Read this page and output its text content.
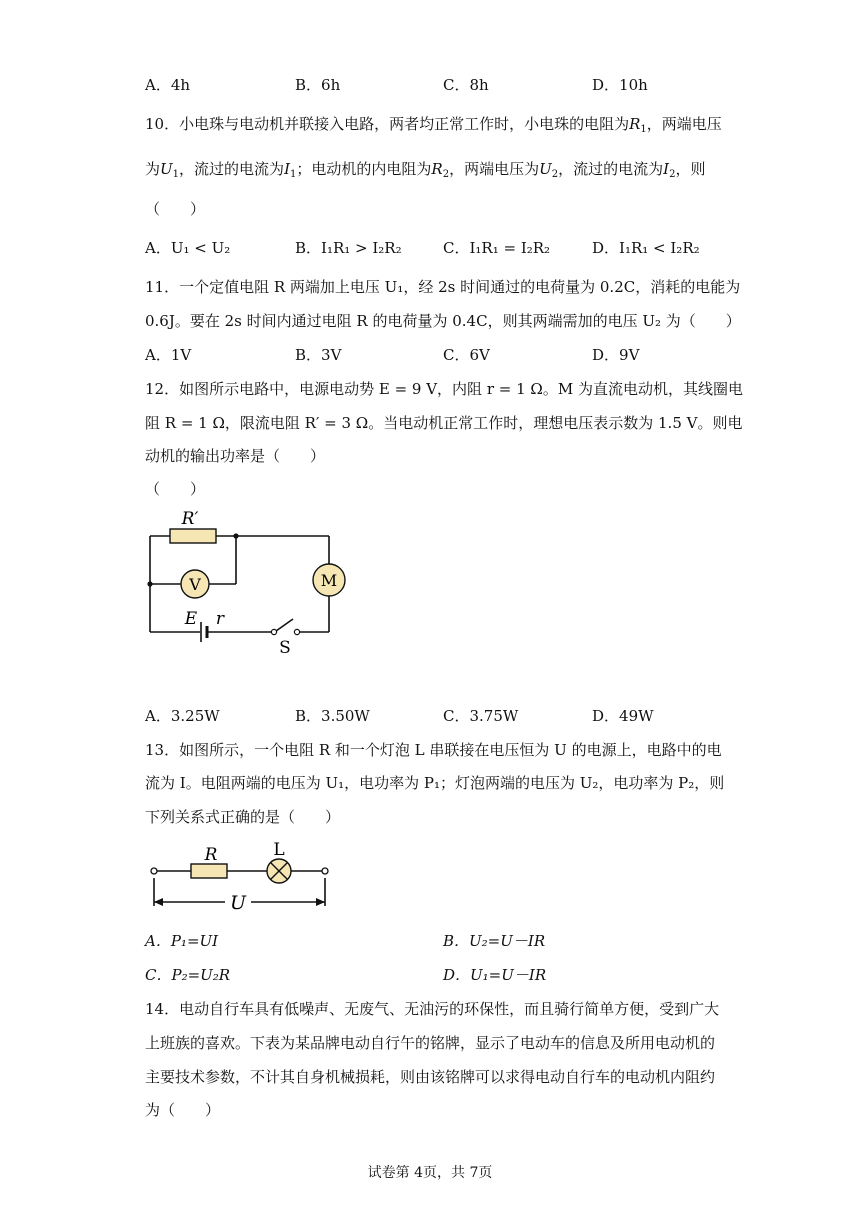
A．4h	B．6h	C．8h	D．10h
10．小电珠与电动机并联接入电路，两者均正常工作时，小电珠的电阻为$R_1$，两端电压
为$U_1$，流过的电流为$I_1$；电动机的内电阻为$R_2$，两端电压为$U_2$，流过的电流为$I_2$，则
（　　）
A．U₁ < U₂	B．I₁R₁ > I₂R₂	C．I₁R₁ = I₂R₂	D．I₁R₁ < I₂R₂
11．一个定值电阻 R 两端加上电压 U₁，经 2s 时间通过的电荷量为 0.2C，消耗的电能为
0.6J。要在 2s 时间内通过电阻 R 的电荷量为 0.4C，则其两端需加的电压 U₂ 为（　　）
A．1V	B．3V	C．6V	D．9V
12．如图所示电路中，电源电动势 E = 9 V，内阻 r = 1 Ω。M 为直流电动机，其线圈电
阻 R = 1 Ω，限流电阻 R′ = 3 Ω。当电动机正常工作时，理想电压表示数为 1.5 V。则电
动机的输出功率是（　　）
（　　）
R′
V	M
E r
S
A．3.25W	B．3.50W	C．3.75W	D．49W
13．如图所示，一个电阻 R 和一个灯泡 L 串联接在电压恒为 U 的电源上，电路中的电
流为 I。电阻两端的电压为 U₁，电功率为 P₁；灯泡两端的电压为 U₂，电功率为 P₂，则
下列关系式正确的是（　　）
R	L
U
A．P₁=UI	B．U₂=U－IR
C．P₂=U₂R	D．U₁=U－IR
14．电动自行车具有低噪声、无废气、无油污的环保性，而且骑行简单方便，受到广大
上班族的喜欢。下表为某品牌电动自行午的铭牌，显示了电动车的信息及所用电动机的
主要技术参数，不计其自身机械损耗，则由该铭牌可以求得电动自行车的电动机内阻约
为（　　）
试卷第 4页，共 7页
